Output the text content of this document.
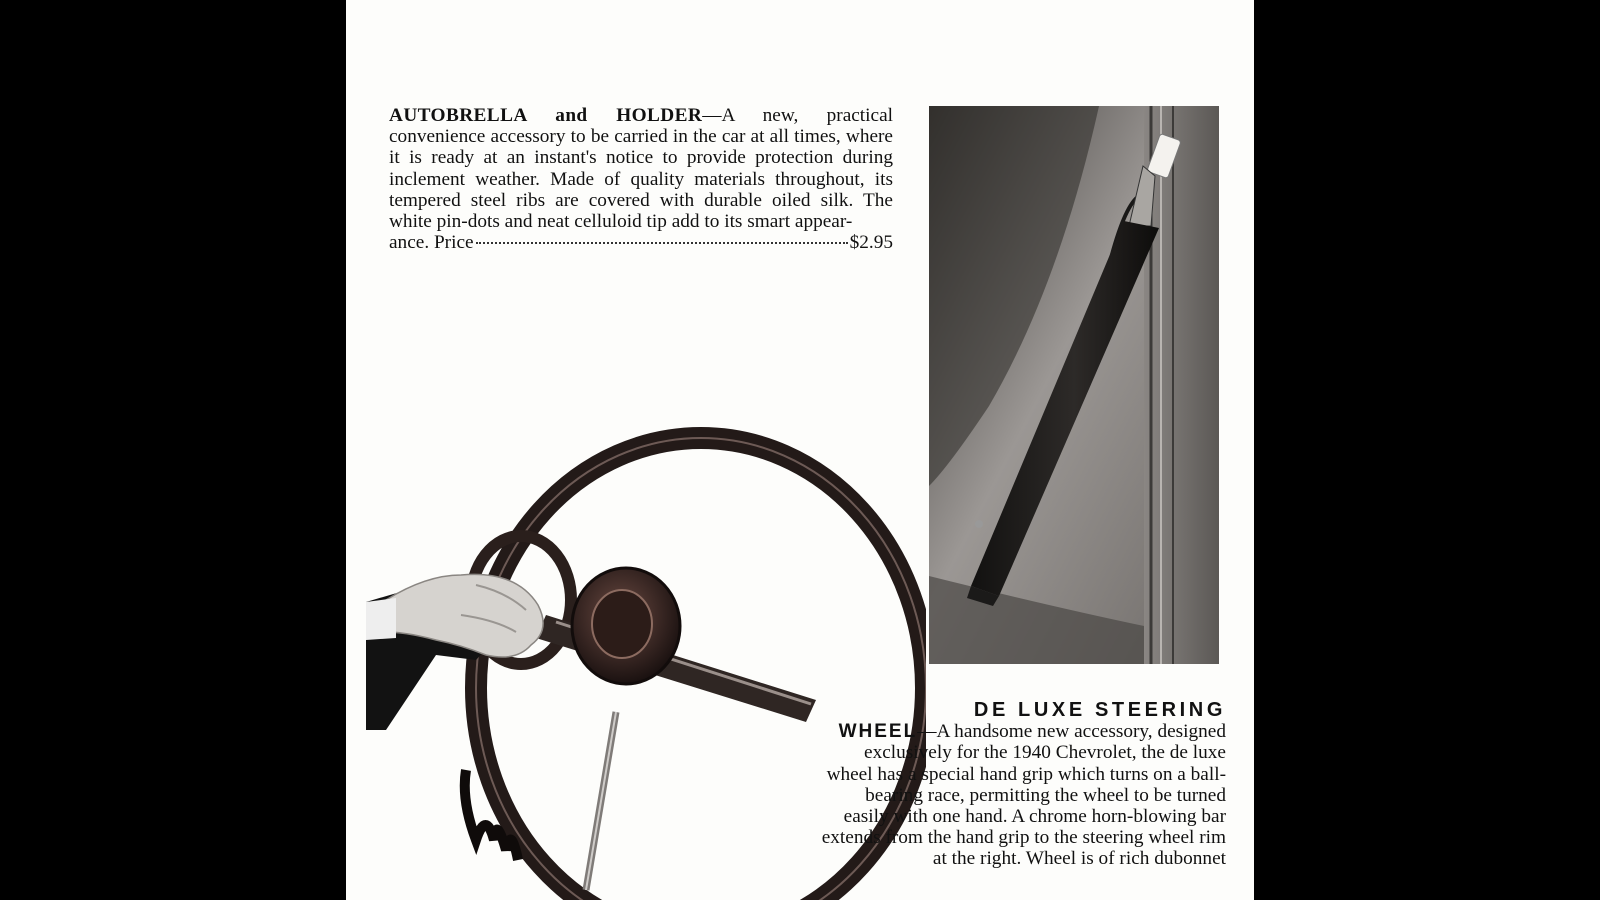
AUTOBRELLA and HOLDER—A new, practical convenience accessory to be carried in the car at all times, where it is ready at an instant's notice to provide protection during inclement weather. Made of quality materials throughout, its tempered steel ribs are covered with durable oiled silk. The white pin-dots and neat celluloid tip add to its smart appear-
ance. Price	$2.95
DE LUXE STEERING
WHEEL—A handsome new accessory, designed exclusively for the 1940 Chevrolet, the de luxe wheel has a special hand grip which turns on a ball-bearing race, permitting the wheel to be turned easily with one hand. A chrome horn-blowing bar extends from the hand grip to the steering wheel rim at the right. Wheel is of rich dubonnet
